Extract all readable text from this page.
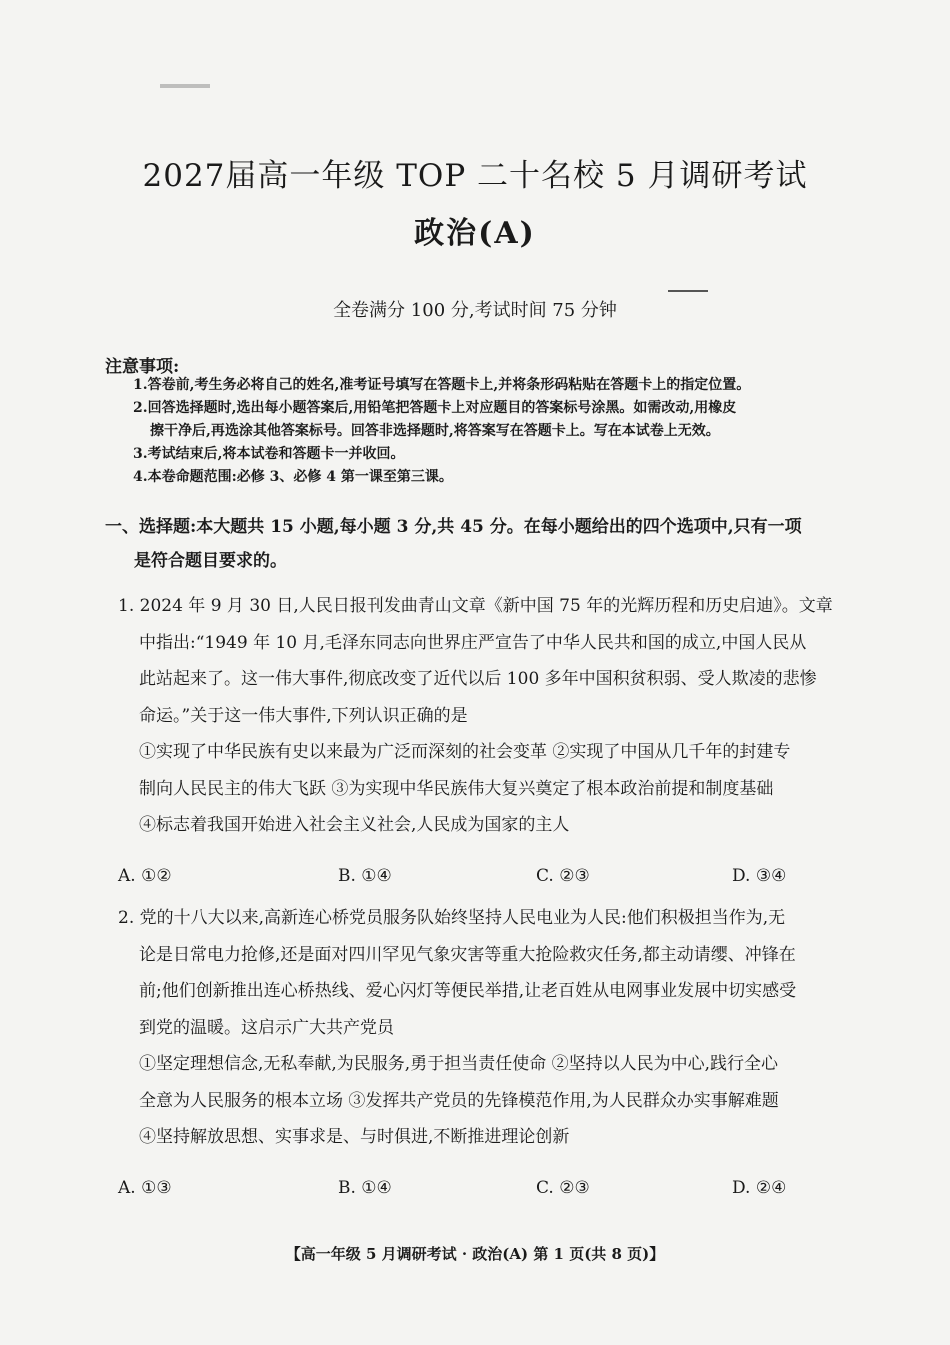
2027届高一年级 TOP 二十名校 5 月调研考试
政治(A)
全卷满分 100 分,考试时间 75 分钟
注意事项:
1.答卷前,考生务必将自己的姓名,准考证号填写在答题卡上,并将条形码粘贴在答题卡上的指定位置。
2.回答选择题时,选出每小题答案后,用铅笔把答题卡上对应题目的答案标号涂黑。如需改动,用橡皮
擦干净后,再选涂其他答案标号。回答非选择题时,将答案写在答题卡上。写在本试卷上无效。
3.考试结束后,将本试卷和答题卡一并收回。
4.本卷命题范围:必修 3、必修 4 第一课至第三课。
一、选择题:本大题共 15 小题,每小题 3 分,共 45 分。在每小题给出的四个选项中,只有一项
是符合题目要求的。
1. 2024 年 9 月 30 日,人民日报刊发曲青山文章《新中国 75 年的光辉历程和历史启迪》。文章
中指出:“1949 年 10 月,毛泽东同志向世界庄严宣告了中华人民共和国的成立,中国人民从
此站起来了。这一伟大事件,彻底改变了近代以后 100 多年中国积贫积弱、受人欺凌的悲惨
命运。”关于这一伟大事件,下列认识正确的是
①实现了中华民族有史以来最为广泛而深刻的社会变革 ②实现了中国从几千年的封建专
制向人民民主的伟大飞跃 ③为实现中华民族伟大复兴奠定了根本政治前提和制度基础
④标志着我国开始进入社会主义社会,人民成为国家的主人
A. ①②	B. ①④	C. ②③	D. ③④
2. 党的十八大以来,高新连心桥党员服务队始终坚持人民电业为人民:他们积极担当作为,无
论是日常电力抢修,还是面对四川罕见气象灾害等重大抢险救灾任务,都主动请缨、冲锋在
前;他们创新推出连心桥热线、爱心闪灯等便民举措,让老百姓从电网事业发展中切实感受
到党的温暖。这启示广大共产党员
①坚定理想信念,无私奉献,为民服务,勇于担当责任使命 ②坚持以人民为中心,践行全心
全意为人民服务的根本立场 ③发挥共产党员的先锋模范作用,为人民群众办实事解难题
④坚持解放思想、实事求是、与时俱进,不断推进理论创新
A. ①③	B. ①④	C. ②③	D. ②④
【高一年级 5 月调研考试 · 政治(A) 第 1 页(共 8 页)】
